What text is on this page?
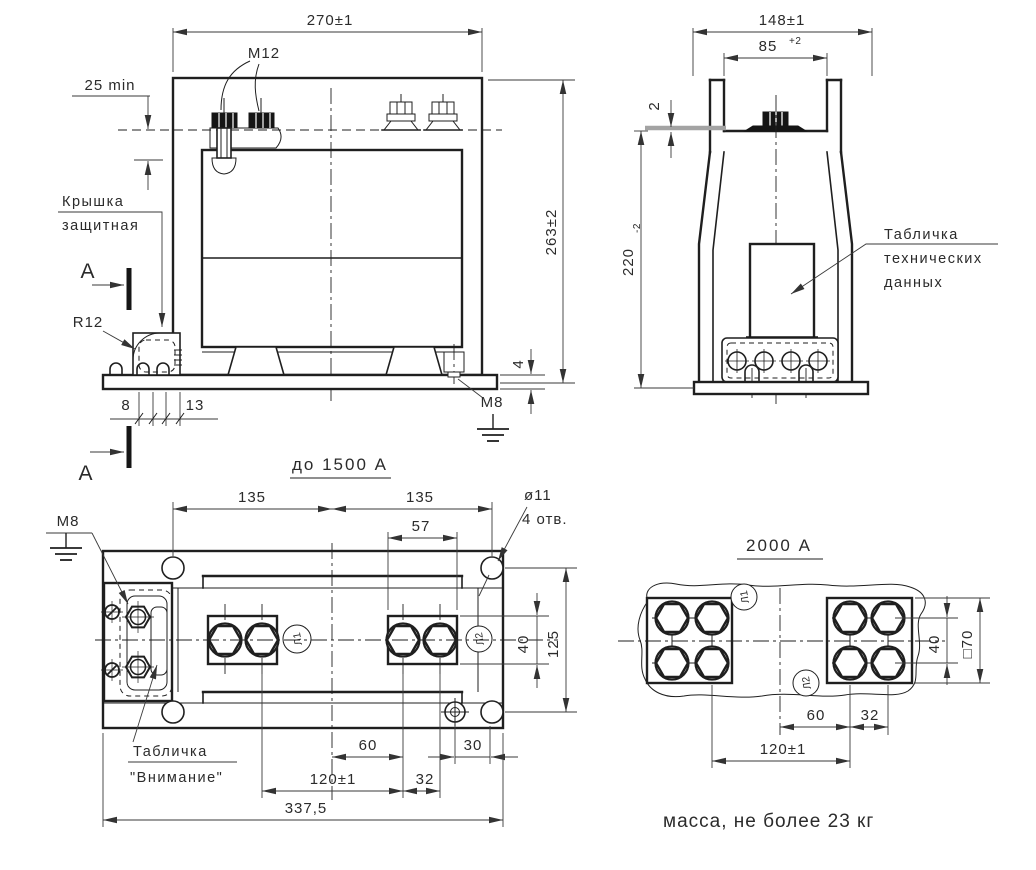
270±1
M12
25 min
Крышка
защитная
А
А
R12
8	13
263±2
4
M8
148±1
85 +2
2
220
-2	Табличка
технических
данных
до 1500 А
Л1	Л2
135	135
57
ø11
4 отв.
M8
40 125
Табличка
"Внимание"
60	30
120±1	32
337,5
2000 А
Л1
Л2
40 □70
60 32
120±1
масса, не более 23 кг
